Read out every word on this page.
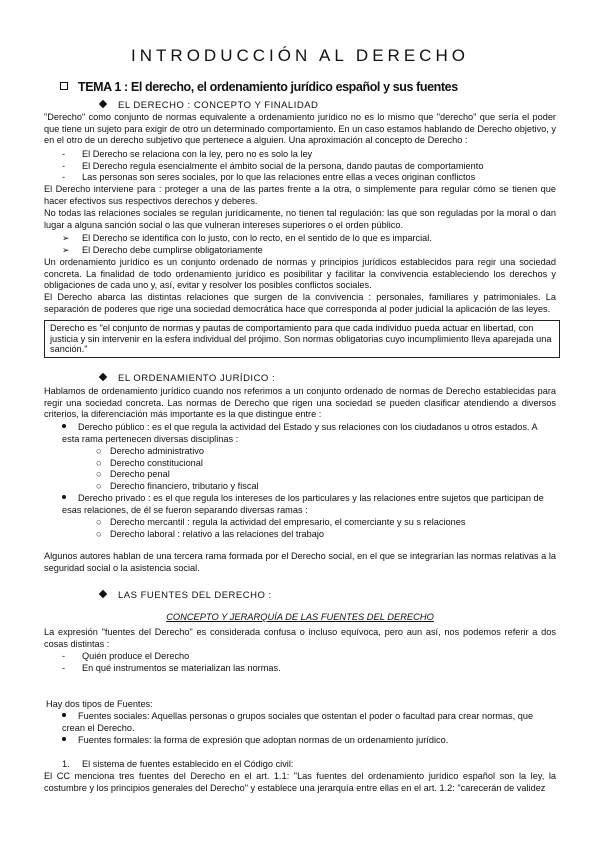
INTRODUCCIÓN AL DERECHO
TEMA 1 : El derecho, el ordenamiento jurídico español y sus fuentes
EL DERECHO : CONCEPTO Y FINALIDAD

"Derecho" como conjunto de normas equivalente a ordenamiento jurídico no es lo mismo que "derecho" que sería el poder que tiene un sujeto para exigir de otro un determinado comportamiento. En un caso estamos hablando de Derecho objetivo, y en el otro de un derecho subjetivo que pertenece a alguien. Una aproximación al concepto de Derecho :

- El Derecho se relaciona con la ley, pero no es solo la ley
- El Derecho regula esencialmente el ámbito social de la persona, dando pautas de comportamiento
- Las personas son seres sociales, por lo que las relaciones entre ellas a veces originan conflictos

El Derecho interviene para : proteger a una de las partes frente a la otra, o simplemente para regular cómo se tienen que hacer efectivos sus respectivos derechos y deberes.

No todas las relaciones sociales se regulan jurídicamente, no tienen tal regulación: las que son reguladas por la moral o dan lugar a alguna sanción social o las que vulneran intereses superiores o el orden público.

➢ El Derecho se identifica con lo justo, con lo recto, en el sentido de lo que es imparcial.
➢ El Derecho debe cumplirse obligatoriamente

Un ordenamiento jurídico es un conjunto ordenado de normas y principios jurídicos establecidos para regir una sociedad concreta. La finalidad de todo ordenamiento jurídico es posibilitar y facilitar la convivencia estableciendo los derechos y obligaciones de cada uno y, así, evitar y resolver los posibles conflictos sociales.

El Derecho abarca las distintas relaciones que surgen de la convivencia : personales, familiares y patrimoniales. La separación de poderes que rige una sociedad democrática hace que corresponda al poder judicial la aplicación de las leyes.

Derecho es "el conjunto de normas y pautas de comportamiento para que cada individuo pueda actuar en libertad, con justicia y sin intervenir en la esfera individual del prójimo. Son normas obligatorias cuyo incumplimiento lleva aparejada una sanción."
EL ORDENAMIENTO JURÍDICO :

Hablamos de ordenamiento jurídico cuando nos referimos a un conjunto ordenado de normas de Derecho establecidas para regir una sociedad concreta. Las normas de Derecho que rigen una sociedad se pueden clasificar atendiendo a diversos criterios, la diferenciación más importante es la que distingue entre :

Derecho público : es el que regula la actividad del Estado y sus relaciones con los ciudadanos u otros estados. A esta rama pertenecen diversas disciplinas :
○ Derecho administrativo
○ Derecho constitucional
○ Derecho penal
○ Derecho financiero, tributario y fiscal
Derecho privado : es el que regula los intereses de los particulares y las relaciones entre sujetos que participan de esas relaciones, de él se fueron separando diversas ramas :
○ Derecho mercantil : regula la actividad del empresario, el comerciante y su s relaciones
○ Derecho laboral : relativo a las relaciones del trabajo

Algunos autores hablan de una tercera rama formada por el Derecho social, en el que se integrarían las normas relativas a la seguridad social o la asistencia social.

LAS FUENTES DEL DERECHO :
CONCEPTO Y JERARQUÍA DE LAS FUENTES DEL DERECHO

La expresión "fuentes del Derecho" es considerada confusa o incluso equívoca, pero aun así, nos podemos referir a dos cosas distintas :

- Quién produce el Derecho
- En qué instrumentos se materializan las normas.

Hay dos tipos de Fuentes:

Fuentes sociales: Aquellas personas o grupos sociales que ostentan el poder o facultad para crear normas, que crean el Derecho.
Fuentes formales: la forma de expresión que adoptan normas de un ordenamiento jurídico.
1. El sistema de fuentes establecido en el Código civil:

El CC menciona tres fuentes del Derecho en el art. 1.1: "Las fuentes del ordenamiento jurídico español son la ley, la costumbre y los principios generales del Derecho" y establece una jerarquía entre ellas en el art. 1.2: "carecerán de validez
